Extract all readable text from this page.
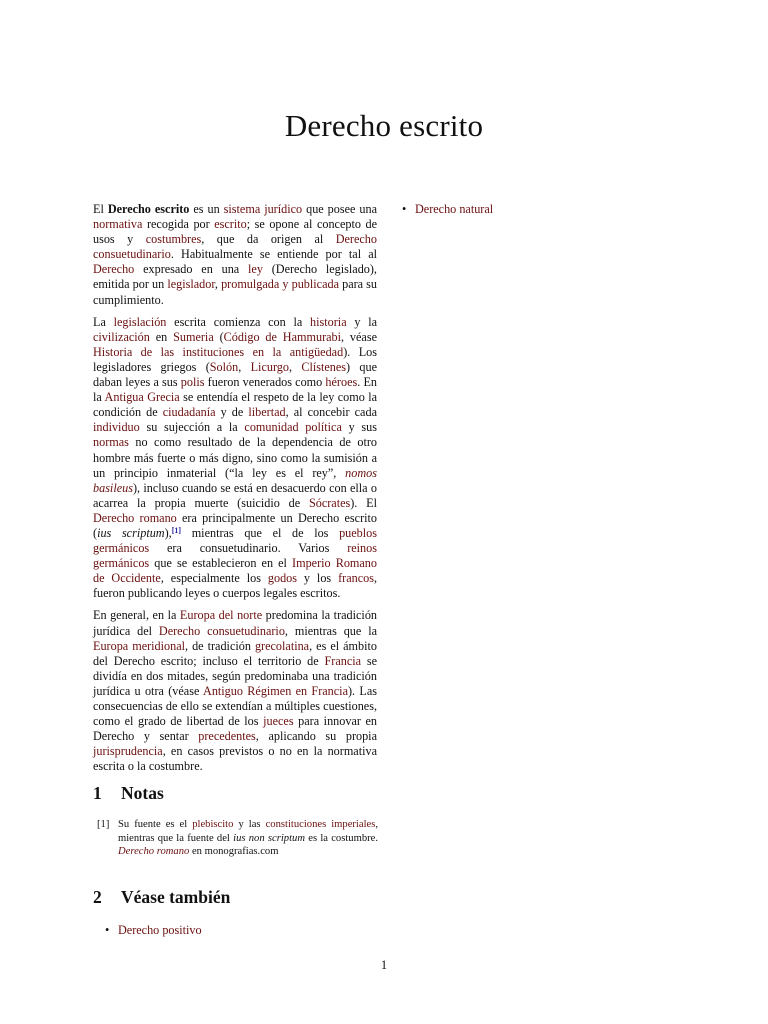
Derecho escrito

El Derecho escrito es un sistema jurídico que posee una normativa recogida por escrito; se opone al concepto de usos y costumbres, que da origen al Derecho consuetudinario. Habitualmente se entiende por tal al Derecho expresado en una ley (Derecho legislado), emitida por un legislador, promulgada y publicada para su cumplimiento.

La legislación escrita comienza con la historia y la civilización en Sumeria (Código de Hammurabi, véase Historia de las instituciones en la antigüedad). Los legisladores griegos (Solón, Licurgo, Clístenes) que daban leyes a sus polis fueron venerados como héroes. En la Antigua Grecia se entendía el respeto de la ley como la condición de ciudadanía y de libertad, al concebir cada individuo su sujección a la comunidad política y sus normas no como resultado de la dependencia de otro hombre más fuerte o más digno, sino como la sumisión a un principio inmaterial (“la ley es el rey”, nomos basileus), incluso cuando se está en desacuerdo con ella o acarrea la propia muerte (suicidio de Sócrates). El Derecho romano era principalmente un Derecho escrito (ius scriptum),[1] mientras que el de los pueblos germánicos era consuetudinario. Varios reinos germánicos que se establecieron en el Imperio Romano de Occidente, especialmente los godos y los francos, fueron publicando leyes o cuerpos legales escritos.

En general, en la Europa del norte predomina la tradición jurídica del Derecho consuetudinario, mientras que la Europa meridional, de tradición grecolatina, es el ámbito del Derecho escrito; incluso el territorio de Francia se dividía en dos mitades, según predominaba una tradición jurídica u otra (véase Antiguo Régimen en Francia). Las consecuencias de ello se extendían a múltiples cuestiones, como el grado de libertad de los jueces para innovar en Derecho y sentar precedentes, aplicando su propia jurisprudencia, en casos previstos o no en la normativa escrita o la costumbre.

• Derecho natural
1 Notas
[1] Su fuente es el plebiscito y las constituciones imperiales, mientras que la fuente del ius non scriptum es la costumbre. Derecho romano en monografias.com
2 Véase también
• Derecho positivo
1
